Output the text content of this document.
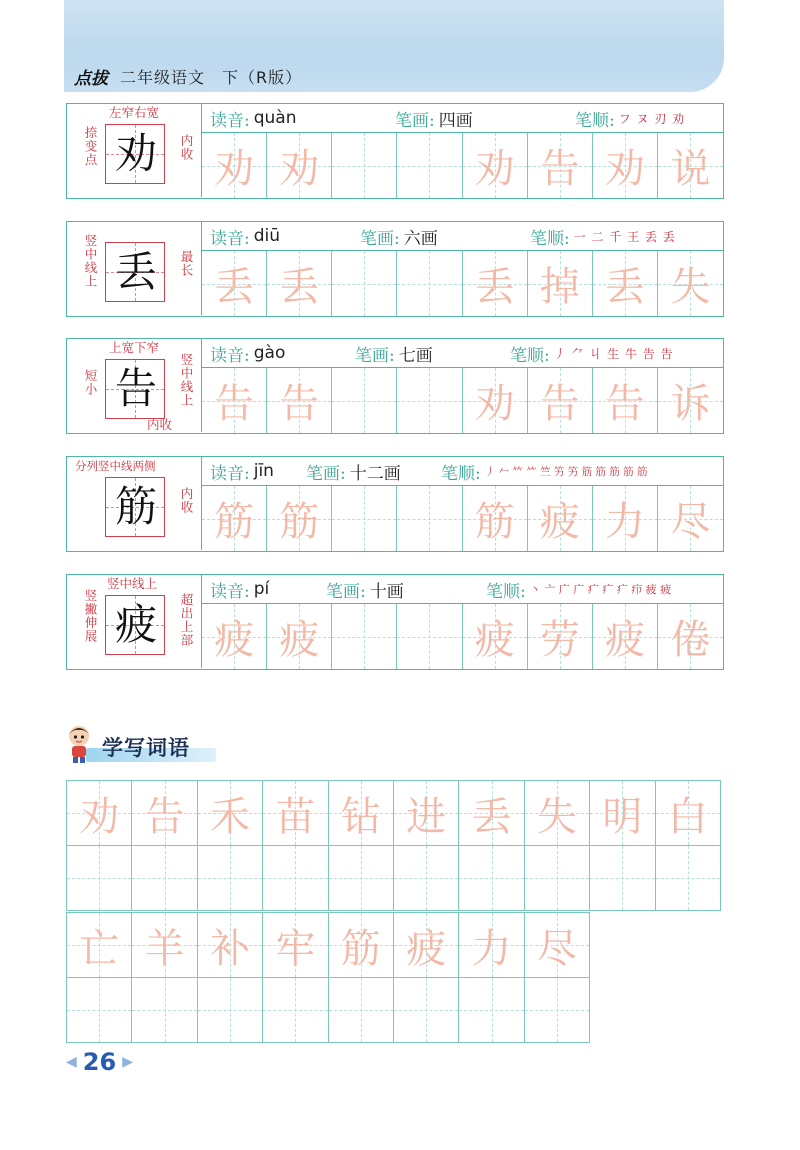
点拔 二年级语文　下（R版）
左窄右宽
捺变点	内收
劝
读音: quàn	笔画: 四画	笔顺: フ ヌ 刃 劝
劝 劝	劝 告 劝 说
竖中线上	最长
丢
读音: diū	笔画: 六画	笔顺: 一 二 千 王 丢 丢
丢 丢	丢 掉 丢 失
上宽下窄
短小	竖中线上
内收
告
读音: gào	笔画: 七画	笔顺: 丿 ⺈ 丩 生 牛 告 告
告 告	劝 告 告 诉
分列竖中线两侧
内收
筋
读音: jīn 笔画: 十二画 笔顺: 丿 𠂉 𥫗 ⺮ 竺 竻 竻 筋 筋 筋 筋 筋
筋 筋	筋 疲 力 尽
竖中线上
竖撇伸展	超出上部
疲
读音: pí	笔画: 十画	笔顺: 丶 亠 广 广 疒 疒 疒 疖 疲 疲
疲 疲	疲 劳 疲 倦
学写词语
劝 告 禾 苗 钻 进 丢 失 明 白
亡 羊 补 牢 筋 疲 力 尽
◀ 26 ▶
